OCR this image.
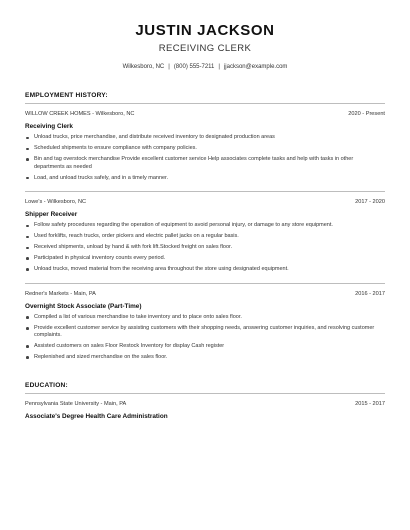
JUSTIN JACKSON
RECEIVING CLERK
Wilkesboro, NC | (800) 555-7211 | jjackson@example.com
EMPLOYMENT HISTORY:
WILLOW CREEK HOMES - Wilkesboro, NC	2020 - Present
Receiving Clerk
Unload trucks, price merchandise, and distribute received inventory to designated production areas
Scheduled shipments to ensure compliance with company policies.
Bin and tag overstock merchandise Provide excellent customer service Help associates complete tasks and help with tasks in other departments as needed
Load, and unload trucks safely, and in a timely manner.
Lowe's - Wilkesboro, NC	2017 - 2020
Shipper Receiver
Follow safety procedures regarding the operation of equipment to avoid personal injury, or damage to any store equipment.
Used forklifts, reach trucks, order pickers and electric pallet jacks on a regular basis.
Received shipments, unload by hand & with fork lift.Stocked freight on sales floor.
Participated in physical inventory counts every period.
Unload trucks, moved material from the receiving area throughout the store using designated equipment.
Redner's Markets - Main, PA	2016 - 2017
Overnight Stock Associate (Part-Time)
Compiled a list of various merchandise to take inventory and to place onto sales floor.
Provide excellent customer service by assisting customers with their shopping needs, answering customer inquiries, and resolving customer complaints.
Assisted customers on sales Floor Restock Inventory for display Cash register
Replenished and sized merchandise on the sales floor.
EDUCATION:
Pennsylvania State University - Main, PA	2015 - 2017
Associate's Degree Health Care Administration
